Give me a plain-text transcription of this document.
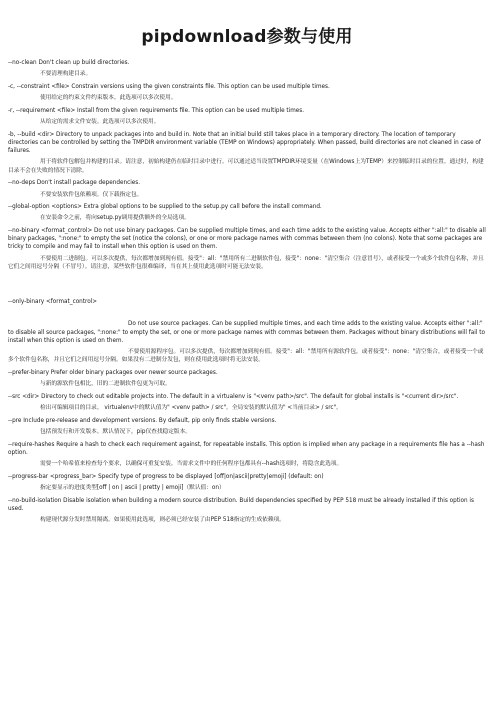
pipdownload参数与使用

--no-clean Don't clean up build directories.

不要清理构建目录。

-c, --constraint <file> Constrain versions using the given constraints file. This option can be used multiple times.

使用给定的约束文件约束版本。此选项可以多次使用。

-r, --requirement <file> Install from the given requirements file. This option can be used multiple times.

从给定的需求文件安装。此选项可以多次使用。

-b, --build <dir> Directory to unpack packages into and build in. Note that an initial build still takes place in a temporary directory. The location of temporary directories can be controlled by setting the TMPDIR environment variable (TEMP on Windows) appropriately. When passed, build directories are not cleaned in case of failures.

用于将软件包解包并构建的目录。请注意，初始构建仍在临时目录中进行。可以通过适当设置TMPDIR环境变量（在Windows上为TEMP）来控制临时目录的位置。通过时，构建目录不会在失败的情况下清除。

--no-deps Don't install package dependencies.

不要安装软件包依赖项。仅下载指定包。

--global-option <options> Extra global options to be supplied to the setup.py call before the install command.

在安装命令之前，将向setup.py调用提供额外的全局选项。

--no-binary <format_control> Do not use binary packages. Can be supplied multiple times, and each time adds to the existing value. Accepts either ":all:" to disable all binary packages, ":none:" to empty the set (notice the colons), or one or more package names with commas between them (no colons). Note that some packages are tricky to compile and may fail to install when this option is used on them.

不要使用二进制包。可以多次提供，每次都增加到现有值。接受"：all："禁用所有二进制软件包，接受"：none："清空集合（注意冒号），或者接受一个或多个软件包名称，并且它们之间用逗号分隔（不冒号）。请注意，某些软件包很难编译，当在其上使用此选项时可能无法安装。

--only-binary <format_control>

Do not use source packages. Can be supplied multiple times, and each time adds to the existing value. Accepts either ":all:" to disable all source packages, ":none:" to empty the set, or one or more package names with commas between them. Packages without binary distributions will fail to install when this option is used on them.

不要使用源程序包。可以多次提供，每次都增加到现有值。接受"：all："禁用所有源软件包，或者接受"：none："清空集合，或者接受一个或多个软件包名称，并且它们之间用逗号分隔。如果没有二进制分发包，则在使用此选项时将无法安装。

--prefer-binary Prefer older binary packages over newer source packages.

与新的源软件包相比，旧的二进制软件包更为可取。

--src <dir> Directory to check out editable projects into. The default in a virtualenv is "<venv path>/src". The default for global installs is "<current dir>/src".

检出可编辑项目的目录。 virtualenv中的默认值为" <venv path> / src"。全局安装的默认值为" <当前目录> / src"。

--pre Include pre-release and development versions. By default, pip only finds stable versions.

包括预发行和开发版本。默认情况下，pip仅查找稳定版本。

--require-hashes Require a hash to check each requirement against, for repeatable installs. This option is implied when any package in a requirements file has a --hash option.

需要一个哈希值来检查每个要求，以确保可重复安装。当需求文件中的任何程序包都具有--hash选项时，将隐含此选项。

--progress-bar <progress_bar> Specify type of progress to be displayed [off|on|ascii|pretty|emoji] (default: on)

指定要显示的进度类型[off | on | ascii | pretty | emoji]（默认值：on）

--no-build-isolation Disable isolation when building a modern source distribution. Build dependencies specified by PEP 518 must be already installed if this option is used.

构建现代源分发时禁用隔离。如果使用此选项，则必须已经安装了由PEP 518指定的生成依赖项。
